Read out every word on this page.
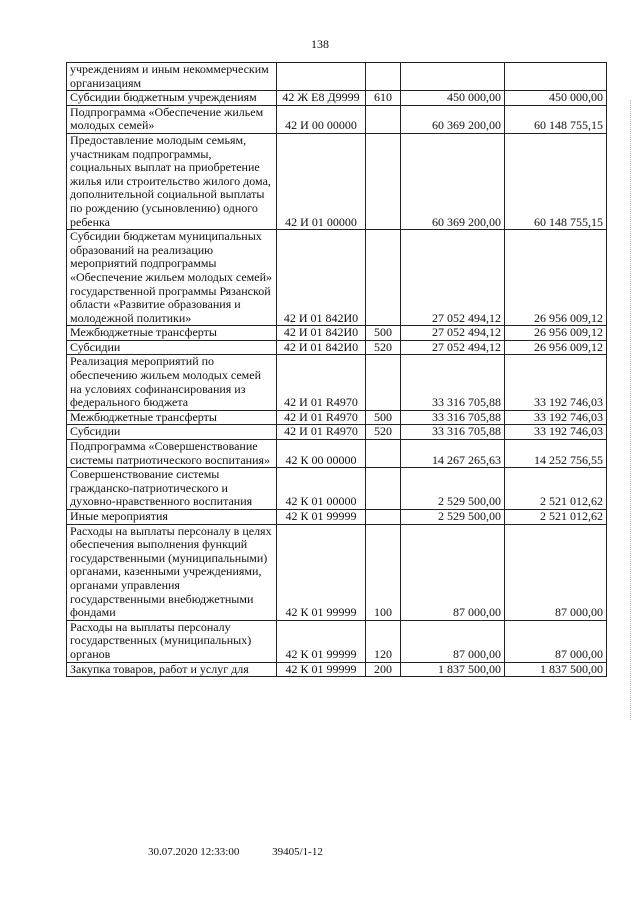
138
учреждениям и иным некоммерческим организациям				
Субсидии бюджетным учреждениям	42 Ж Е8 Д9999	610	450 000,00	450 000,00
Подпрограмма «Обеспечение жильем молодых семей»	42 И 00 00000		60 369 200,00	60 148 755,15
Предоставление молодым семьям, участникам подпрограммы, социальных выплат на приобретение жилья или строительство жилого дома, дополнительной социальной выплаты по рождению (усыновлению) одного ребенка	42 И 01 00000		60 369 200,00	60 148 755,15
Субсидии бюджетам муниципальных образований на реализацию мероприятий подпрограммы «Обеспечение жильем молодых семей» государственной программы Рязанской области «Развитие образования и молодежной политики»	42 И 01 842И0		27 052 494,12	26 956 009,12
Межбюджетные трансферты	42 И 01 842И0	500	27 052 494,12	26 956 009,12
Субсидии	42 И 01 842И0	520	27 052 494,12	26 956 009,12
Реализация мероприятий по обеспечению жильем молодых семей на условиях софинансирования из федерального бюджета	42 И 01 R4970		33 316 705,88	33 192 746,03
Межбюджетные трансферты	42 И 01 R4970	500	33 316 705,88	33 192 746,03
Субсидии	42 И 01 R4970	520	33 316 705,88	33 192 746,03
Подпрограмма «Совершенствование системы патриотического воспитания»	42 К 00 00000		14 267 265,63	14 252 756,55
Совершенствование системы гражданско-патриотического и духовно-нравственного воспитания	42 К 01 00000		2 529 500,00	2 521 012,62
Иные мероприятия	42 К 01 99999		2 529 500,00	2 521 012,62
Расходы на выплаты персоналу в целях обеспечения выполнения функций государственными (муниципальными) органами, казенными учреждениями, органами управления государственными внебюджетными фондами	42 К 01 99999	100	87 000,00	87 000,00
Расходы на выплаты персоналу государственных (муниципальных) органов	42 К 01 99999	120	87 000,00	87 000,00
Закупка товаров, работ и услуг для	42 К 01 99999	200	1 837 500,00	1 837 500,00
30.07.2020 12:33:00	39405/1-12
